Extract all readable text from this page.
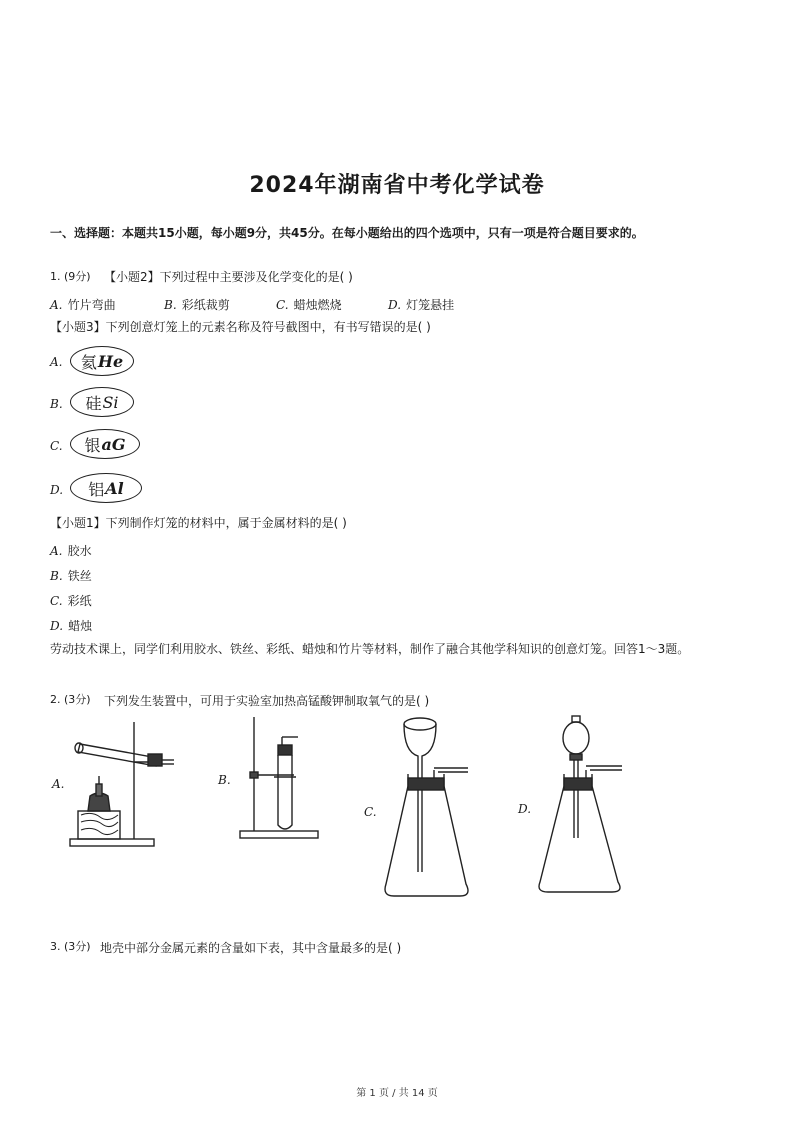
2024年湖南省中考化学试卷
一、选择题：本题共15小题，每小题9分，共45分。在每小题给出的四个选项中，只有一项是符合题目要求的。
1. (9分) 【小题2】下列过程中主要涉及化学变化的是( )
A. 竹片弯曲	B. 彩纸裁剪	C. 蜡烛燃烧	D. 灯笼悬挂
【小题3】下列创意灯笼上的元素名称及符号截图中，有书写错误的是( )
A. 氦 He
B. 硅 Si
C. 银 aG
D. 铝 Al
【小题1】下列制作灯笼的材料中，属于金属材料的是( )
A. 胶水
B. 铁丝
C. 彩纸
D. 蜡烛
劳动技术课上，同学们利用胶水、铁丝、彩纸、蜡烛和竹片等材料，制作了融合其他学科知识的创意灯笼。回答1～3题。
2. (3分) 下列发生装置中，可用于实验室加热高锰酸钾制取氧气的是( )
A.	B.
C.	D.
3. (3分) 地壳中部分金属元素的含量如下表，其中含量最多的是( )
第 1 页 / 共 14 页
